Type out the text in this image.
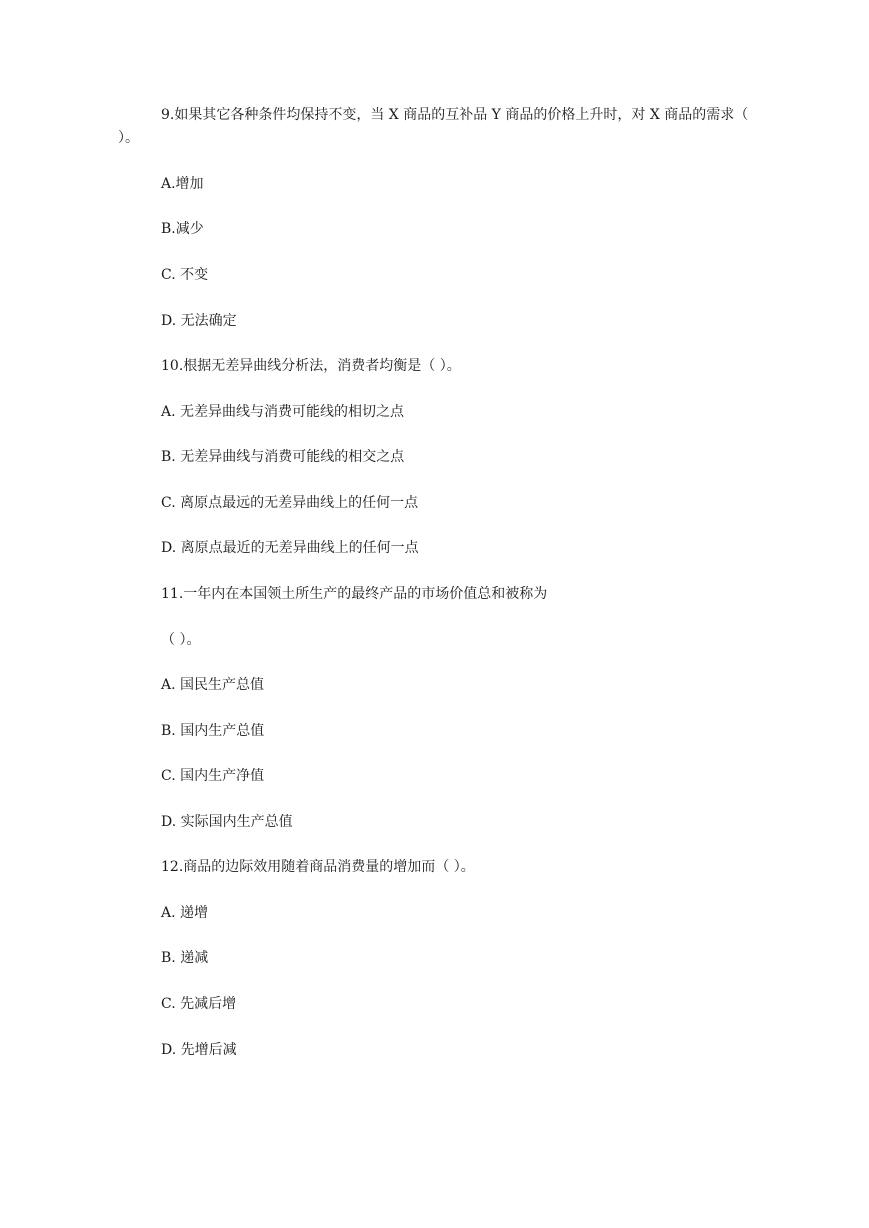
9.如果其它各种条件均保持不变，当 X 商品的互补品 Y 商品的价格上升时，对 X 商品的需求（ ）。
A.增加
B.减少
C. 不变
D. 无法确定
10.根据无差异曲线分析法，消费者均衡是（ ）。
A. 无差异曲线与消费可能线的相切之点
B. 无差异曲线与消费可能线的相交之点
C. 离原点最远的无差异曲线上的任何一点
D. 离原点最近的无差异曲线上的任何一点
11.一年内在本国领土所生产的最终产品的市场价值总和被称为
（ ）。
A. 国民生产总值
B. 国内生产总值
C. 国内生产净值
D. 实际国内生产总值
12.商品的边际效用随着商品消费量的增加而（ ）。
A. 递增
B. 递减
C. 先减后增
D. 先增后减
